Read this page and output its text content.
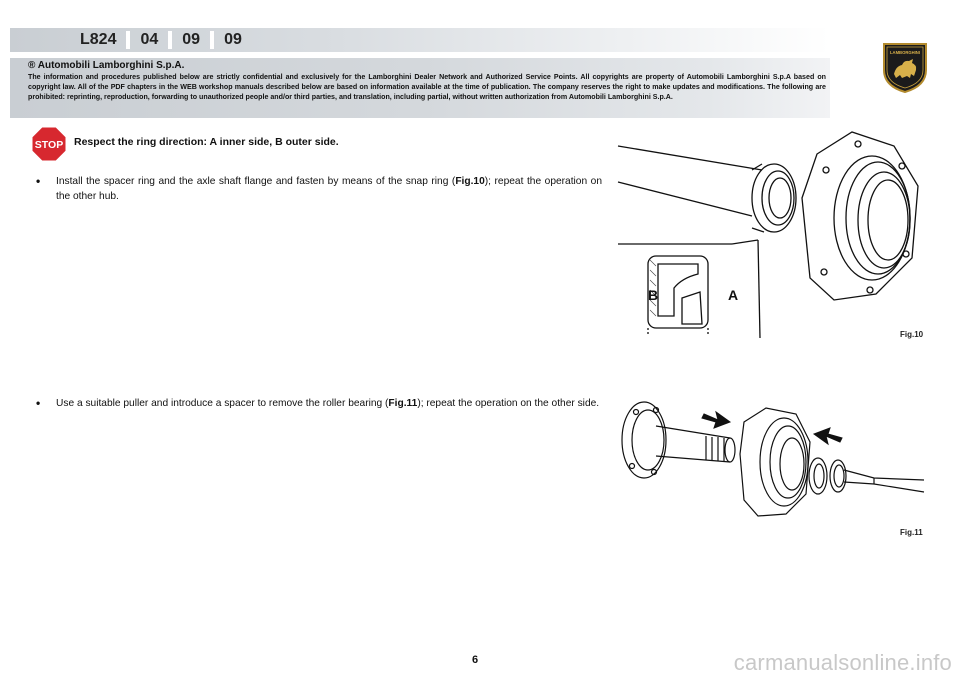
L824	04	09	09
LAMBORGHINI
® Automobili Lamborghini S.p.A.
The information and procedures published below are strictly confidential and exclusively for the Lamborghini Dealer Network and Authorized Service Points. All copyrights are property of Automobili Lamborghini S.p.A based on copyright law. All of the PDF chapters in the WEB workshop manuals described below are based on information available at the time of publication. The company reserves the right to make updates and modifications. The following are prohibited: reprinting, reproduction, forwarding to unauthorized people and/or third parties, and translation, including partial, without written authorization from Automobili Lamborghini S.p.A.
STOP Respect the ring direction: A inner side, B outer side.
• Install the spacer ring and the axle shaft flange and fasten by means of the snap ring (Fig.10); repeat the operation on the other hub.
• Use a suitable puller and introduce a spacer to remove the roller bearing (Fig.11); repeat the operation on the other side.
B	A
Fig.10
Fig.11
6	carmanualsonline.info
